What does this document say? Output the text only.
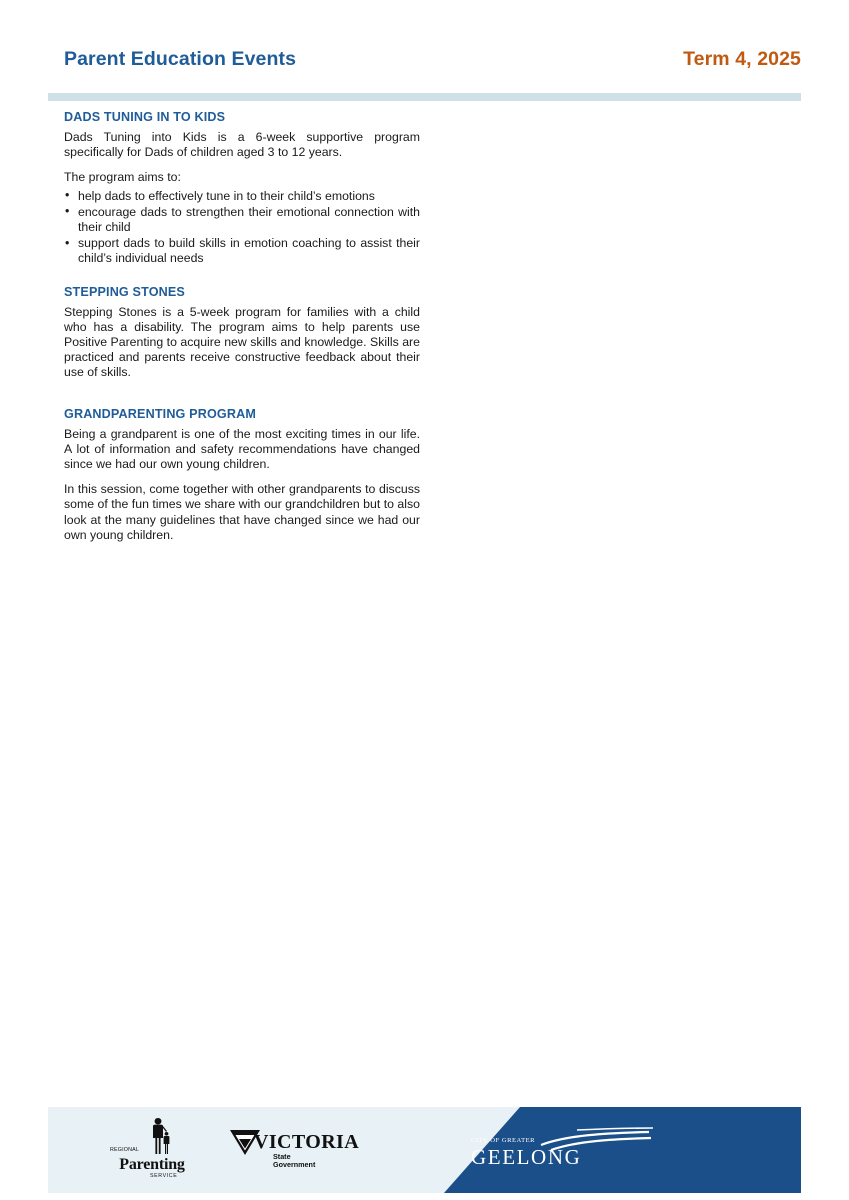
Parent Education Events	Term 4, 2025
DADS TUNING IN TO KIDS

Dads Tuning into Kids is a 6-week supportive program specifically for Dads of children aged 3 to 12 years.

The program aims to:

• help dads to effectively tune in to their child’s emotions
• encourage dads to strengthen their emotional connection with their child
• support dads to build skills in emotion coaching to assist their child’s individual needs
STEPPING STONES

Stepping Stones is a 5-week program for families with a child who has a disability. The program aims to help parents use Positive Parenting to acquire new skills and knowledge. Skills are practiced and parents receive constructive feedback about their use of skills.

GRANDPARENTING PROGRAM

Being a grandparent is one of the most exciting times in our life. A lot of information and safety recommendations have changed since we had our own young children.

In this session, come together with other grandparents to discuss some of the fun times we share with our grandchildren but to also look at the many guidelines that have changed since we had our own young children.

REGIONAL
Parenting
SERVICE
VICTORIA
State
Government
CITY OF GREATER
GEELONG
